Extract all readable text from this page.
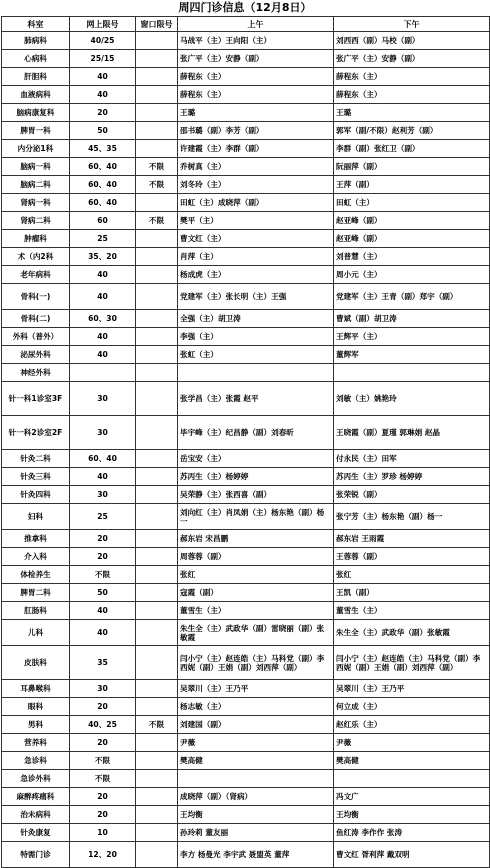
周四门诊信息（12月8日）
科室	网上限号	窗口限号	上午	下午
肺病科	40/25		马战平（主）王向阳（主）	刘西西（副）马校（副）
心病科	25/15		张广平（主）安静（副）	张广平（主）安静（副）
肝胆科	40		薛程东（主）	薛程东（主）
血液病科	40		薛程东（主）	薛程东（主）
脑病康复科	20		王璐	王璐
脾胃一科	50		邵书璐（副）李芳（副）	郭军（副/不限）赵利芳（副）
内分泌1科	45、35		许建霞（主）李群（副）	李群（副）张红卫（副）
脑病一科	60、40	不限	乔树真（主）	阮丽萍（副）
脑病二科	60、40	不限	刘冬玲（主）	王萍（副）
肾病一科	60、40		田虹（主）成晓萍（副）	田虹（主）
肾病二科	60	不限	樊平（主）	赵亚峰（副）
肿瘤科	25		曹文红（主）	赵亚峰（副）
术（内2科	35、20		肖萍（主）	刘普慧（主）
老年病科	40		杨成虎（主）	周小元（主）
骨科(一)	40		党建军（主）张长明（主）王强	党建军（主）王青（副）郑宇（副）
骨科(二)	60、30		全强（主）胡卫涛	曹斌（副）胡卫涛
外科（普外）	40		李强（主）	王辉平（主）
泌尿外科	40		张虹（主）	董辉军
神经外科				
针一科1诊室3F	30		张学昌（主）张霞 赵平	刘敏（主）姚艳玲
针一科2诊室2F	30		毕宇峰（主）纪昌静（副）刘春昕	王晓霞（副）夏瑾 郭琳娟 赵晶
针灸二科	60、40		岳宝安（主）	付永民（主）田军
针灸三科	40		苏丙生（主）杨婷婷	苏丙生（主）罗珍 杨婷婷
针灸四科	30		吴荣静（主）张西喜（副）	张荣锐（副）
妇科	25		刘向红（主）肖凤娟（主）杨东艳（副）杨一	张宁芳（主）杨东艳（副）杨一
推拿科	20		郝东岩 宋昌鹏	郝东岩 王雨霞
介入科	20		周蓉蓉（副）	王蓉蓉（副）
体检养生	不限		张红	张红
脾胃二科	50		寇霞（副）	王凯（副）
肛肠科	40		董雪生（主）	董雪生（主）
儿科	40		朱生全（主）武政华（副）雷晓丽（副）张敏霞	朱生全（主）武政华（副）张敏霞
皮肤科	35		闫小宁（主）赵连皓（主）马科党（副）李西妮（副）王娟（副）刘西萍（副）	闫小宁（主）赵连皓（主）马科党（副）李西妮（副）王娟（副）刘西萍（副）
耳鼻喉科	30		吴翠川（主）王乃平	吴翠川（主）王乃平
眼科	20		杨志敏（主）	何立成（主）
男科	40、25	不限	刘建国（副）	赵红乐（主）
营养科	20		尹薇	尹薇
急诊科	不限		樊高健	樊高健
急诊外科	不限			
麻醉疼痛科	20		成晓萍（副）（肾病）	冯文广
治未病科	20		王均衡	王均衡
针灸康复	10		孙玲莉 董友丽	鱼红涛 李作作 张涛
特需门诊	12、20		李方 杨曼光 李宇武 聂盟英 董萍	曹文红 胥利萍 戴双明
